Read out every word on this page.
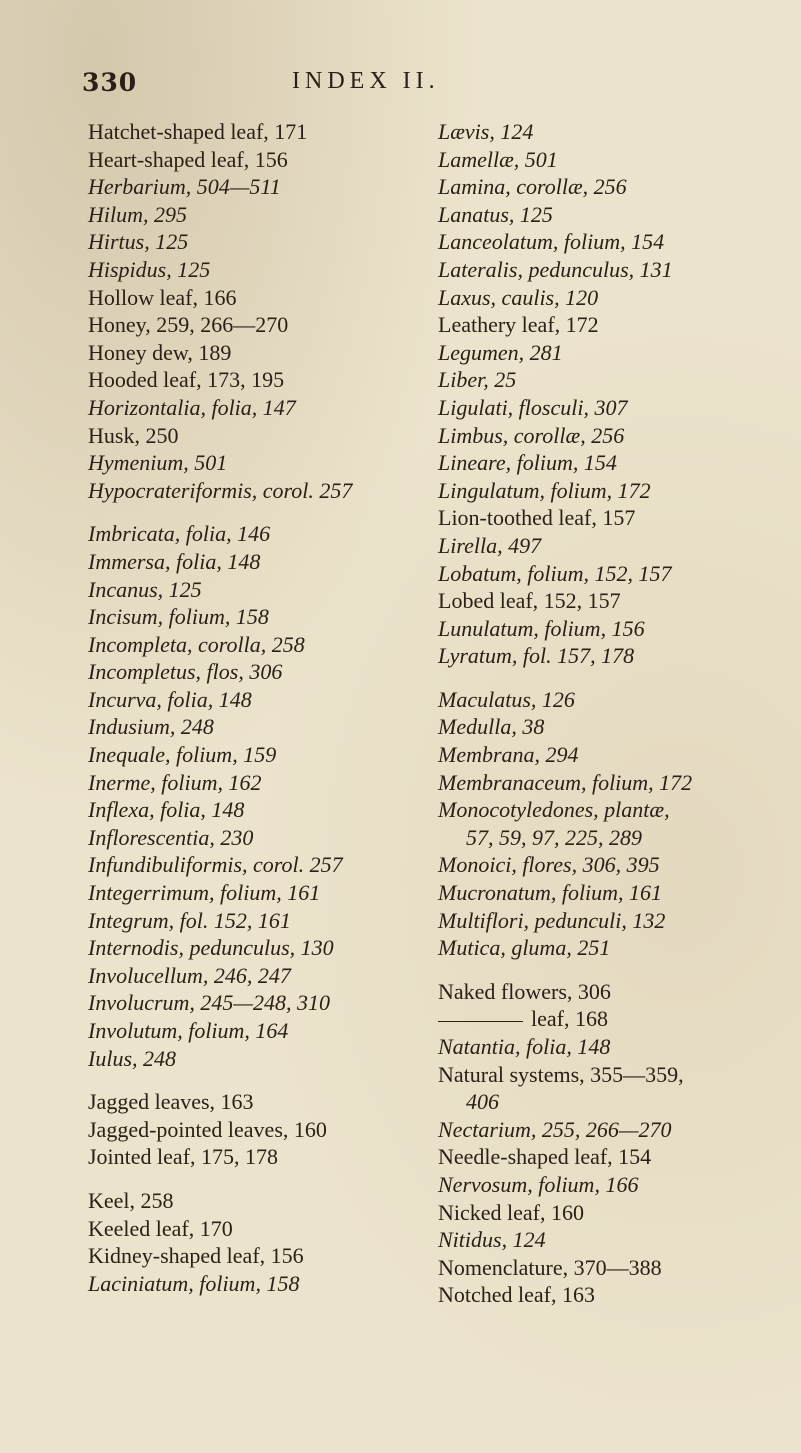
330	INDEX II.
Hatchet-shaped leaf, 171
Heart-shaped leaf, 156
Herbarium, 504—511
Hilum, 295
Hirtus, 125
Hispidus, 125
Hollow leaf, 166
Honey, 259, 266—270
Honey dew, 189
Hooded leaf, 173, 195
Horizontalia, folia, 147
Husk, 250
Hymenium, 501
Hypocrateriformis, corol. 257
Imbricata, folia, 146
Immersa, folia, 148
Incanus, 125
Incisum, folium, 158
Incompleta, corolla, 258
Incompletus, flos, 306
Incurva, folia, 148
Indusium, 248
Inequale, folium, 159
Inerme, folium, 162
Inflexa, folia, 148
Inflorescentia, 230
Infundibuliformis, corol. 257
Integerrimum, folium, 161
Integrum, fol. 152, 161
Internodis, pedunculus, 130
Involucellum, 246, 247
Involucrum, 245—248, 310
Involutum, folium, 164
Iulus, 248
Jagged leaves, 163
Jagged-pointed leaves, 160
Jointed leaf, 175, 178
Keel, 258
Keeled leaf, 170
Kidney-shaped leaf, 156
Laciniatum, folium, 158
Lævis, 124
Lamellæ, 501
Lamina, corollæ, 256
Lanatus, 125
Lanceolatum, folium, 154
Lateralis, pedunculus, 131
Laxus, caulis, 120
Leathery leaf, 172
Legumen, 281
Liber, 25
Ligulati, flosculi, 307
Limbus, corollæ, 256
Lineare, folium, 154
Lingulatum, folium, 172
Lion-toothed leaf, 157
Lirella, 497
Lobatum, folium, 152, 157
Lobed leaf, 152, 157
Lunulatum, folium, 156
Lyratum, fol. 157, 178
Maculatus, 126
Medulla, 38
Membrana, 294
Membranaceum, folium, 172
Monocotyledones, plantæ,
57, 59, 97, 225, 289
Monoici, flores, 306, 395
Mucronatum, folium, 161
Multiflori, pedunculi, 132
Mutica, gluma, 251
Naked flowers, 306
leaf, 168
Natantia, folia, 148
Natural systems, 355—359,
406
Nectarium, 255, 266—270
Needle-shaped leaf, 154
Nervosum, folium, 166
Nicked leaf, 160
Nitidus, 124
Nomenclature, 370—388
Notched leaf, 163
